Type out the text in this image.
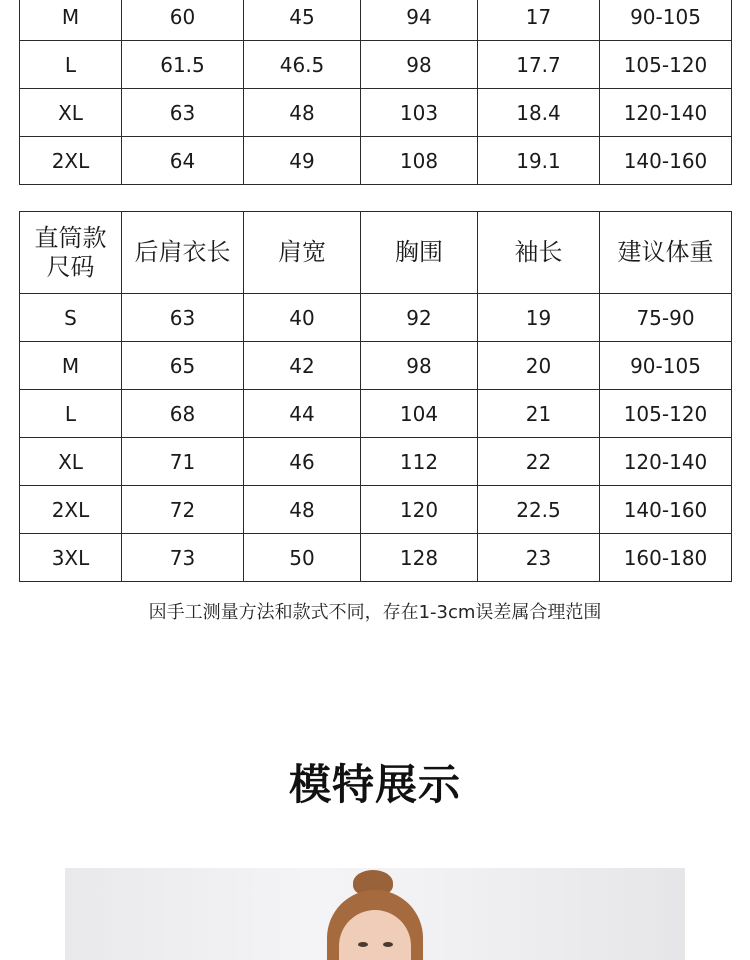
M	60	45	94	17	90-105
L	61.5	46.5	98	17.7	105-120
XL	63	48	103	18.4	120-140
2XL	64	49	108	19.1	140-160
直筒款
尺码	后肩衣长	肩宽	胸围	袖长	建议体重
S	63	40	92	19	75-90
M	65	42	98	20	90-105
L	68	44	104	21	105-120
XL	71	46	112	22	120-140
2XL	72	48	120	22.5	140-160
3XL	73	50	128	23	160-180
因手工测量方法和款式不同，存在1-3cm误差属合理范围
模特展示
